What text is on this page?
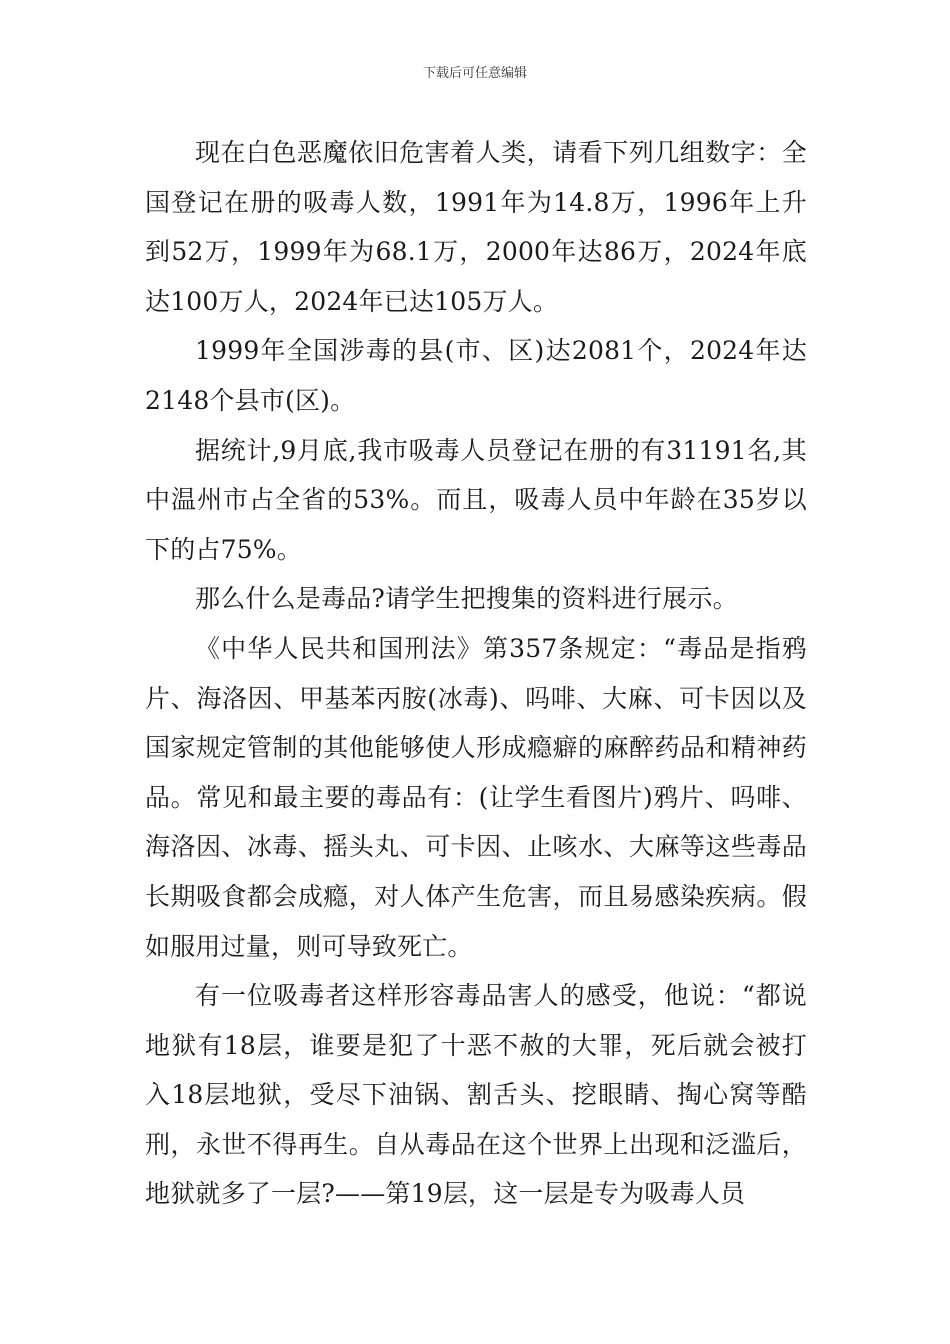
下载后可任意编辑

现在白色恶魔依旧危害着人类，请看下列几组数字：全国登记在册的吸毒人数，1991年为14.8万，1996年上升到52万，1999年为68.1万，2000年达86万，2024年底达100万人，2024年已达105万人。

1999年全国涉毒的县(市、区)达2081个，2024年达2148个县市(区)。

据统计,9月底,我市吸毒人员登记在册的有31191名,其中温州市占全省的53%。而且，吸毒人员中年龄在35岁以下的占75%。

那么什么是毒品?请学生把搜集的资料进行展示。

《中华人民共和国刑法》第357条规定：“毒品是指鸦片、海洛因、甲基苯丙胺(冰毒)、吗啡、大麻、可卡因以及国家规定管制的其他能够使人形成瘾癖的麻醉药品和精神药品。常见和最主要的毒品有：(让学生看图片)鸦片、吗啡、海洛因、冰毒、摇头丸、可卡因、止咳水、大麻等这些毒品长期吸食都会成瘾，对人体产生危害，而且易感染疾病。假如服用过量，则可导致死亡。

有一位吸毒者这样形容毒品害人的感受，他说：“都说地狱有18层，谁要是犯了十恶不赦的大罪，死后就会被打入18层地狱，受尽下油锅、割舌头、挖眼睛、掏心窝等酷刑，永世不得再生。自从毒品在这个世界上出现和泛滥后，地狱就多了一层?——第19层，这一层是专为吸毒人员
